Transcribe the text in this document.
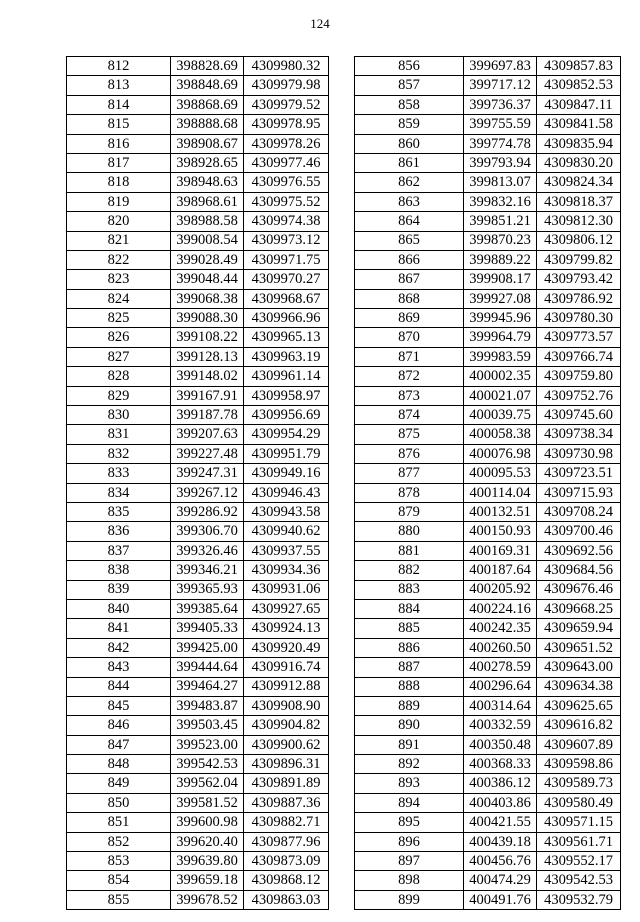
124
812	398828.69	4309980.32
813	398848.69	4309979.98
814	398868.69	4309979.52
815	398888.68	4309978.95
816	398908.67	4309978.26
817	398928.65	4309977.46
818	398948.63	4309976.55
819	398968.61	4309975.52
820	398988.58	4309974.38
821	399008.54	4309973.12
822	399028.49	4309971.75
823	399048.44	4309970.27
824	399068.38	4309968.67
825	399088.30	4309966.96
826	399108.22	4309965.13
827	399128.13	4309963.19
828	399148.02	4309961.14
829	399167.91	4309958.97
830	399187.78	4309956.69
831	399207.63	4309954.29
832	399227.48	4309951.79
833	399247.31	4309949.16
834	399267.12	4309946.43
835	399286.92	4309943.58
836	399306.70	4309940.62
837	399326.46	4309937.55
838	399346.21	4309934.36
839	399365.93	4309931.06
840	399385.64	4309927.65
841	399405.33	4309924.13
842	399425.00	4309920.49
843	399444.64	4309916.74
844	399464.27	4309912.88
845	399483.87	4309908.90
846	399503.45	4309904.82
847	399523.00	4309900.62
848	399542.53	4309896.31
849	399562.04	4309891.89
850	399581.52	4309887.36
851	399600.98	4309882.71
852	399620.40	4309877.96
853	399639.80	4309873.09
854	399659.18	4309868.12
855	399678.52	4309863.03
856	399697.83	4309857.83
857	399717.12	4309852.53
858	399736.37	4309847.11
859	399755.59	4309841.58
860	399774.78	4309835.94
861	399793.94	4309830.20
862	399813.07	4309824.34
863	399832.16	4309818.37
864	399851.21	4309812.30
865	399870.23	4309806.12
866	399889.22	4309799.82
867	399908.17	4309793.42
868	399927.08	4309786.92
869	399945.96	4309780.30
870	399964.79	4309773.57
871	399983.59	4309766.74
872	400002.35	4309759.80
873	400021.07	4309752.76
874	400039.75	4309745.60
875	400058.38	4309738.34
876	400076.98	4309730.98
877	400095.53	4309723.51
878	400114.04	4309715.93
879	400132.51	4309708.24
880	400150.93	4309700.46
881	400169.31	4309692.56
882	400187.64	4309684.56
883	400205.92	4309676.46
884	400224.16	4309668.25
885	400242.35	4309659.94
886	400260.50	4309651.52
887	400278.59	4309643.00
888	400296.64	4309634.38
889	400314.64	4309625.65
890	400332.59	4309616.82
891	400350.48	4309607.89
892	400368.33	4309598.86
893	400386.12	4309589.73
894	400403.86	4309580.49
895	400421.55	4309571.15
896	400439.18	4309561.71
897	400456.76	4309552.17
898	400474.29	4309542.53
899	400491.76	4309532.79
